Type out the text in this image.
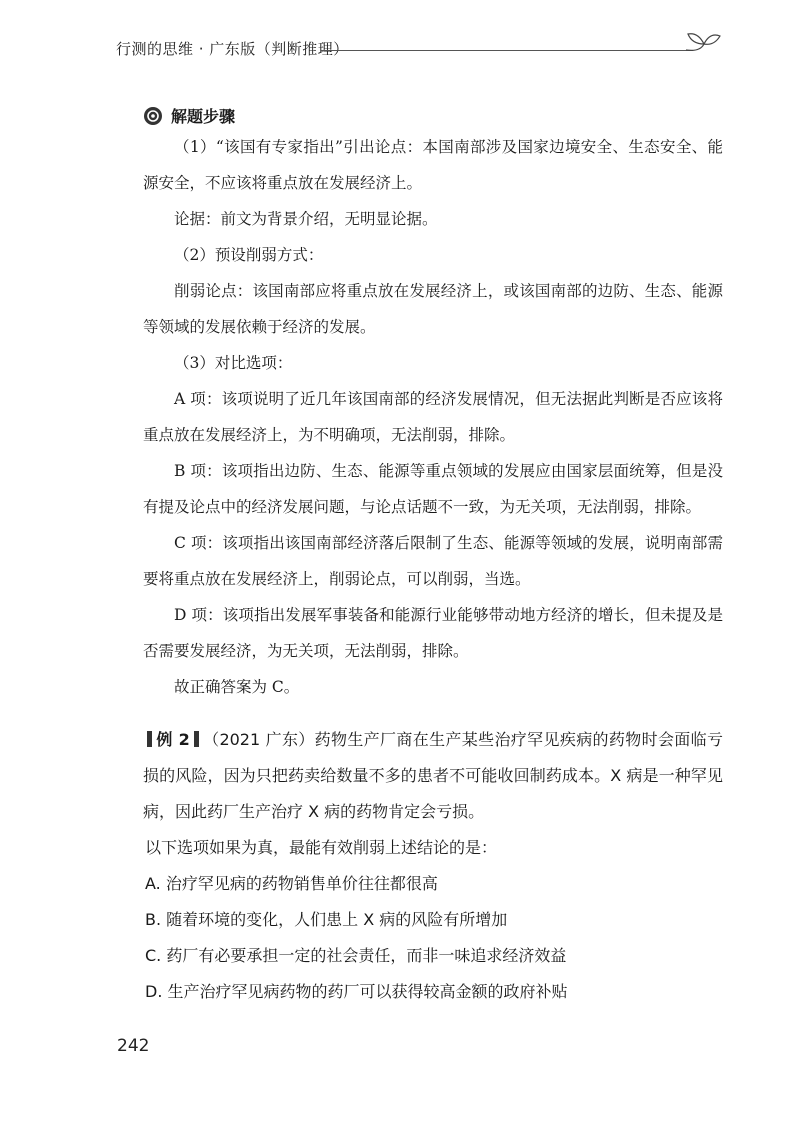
行测的思维 · 广东版（判断推理）
解题步骤

（1）“该国有专家指出”引出论点：本国南部涉及国家边境安全、生态安全、能源安全，不应该将重点放在发展经济上。

论据：前文为背景介绍，无明显论据。

（2）预设削弱方式：

削弱论点：该国南部应将重点放在发展经济上，或该国南部的边防、生态、能源等领域的发展依赖于经济的发展。

（3）对比选项：

A 项：该项说明了近几年该国南部的经济发展情况，但无法据此判断是否应该将重点放在发展经济上，为不明确项，无法削弱，排除。

B 项：该项指出边防、生态、能源等重点领域的发展应由国家层面统筹，但是没有提及论点中的经济发展问题，与论点话题不一致，为无关项，无法削弱，排除。

C 项：该项指出该国南部经济落后限制了生态、能源等领域的发展，说明南部需要将重点放在发展经济上，削弱论点，可以削弱，当选。

D 项：该项指出发展军事装备和能源行业能够带动地方经济的增长，但未提及是否需要发展经济，为无关项，无法削弱，排除。

故正确答案为 C。

例 2 （2021 广东）药物生产厂商在生产某些治疗罕见疾病的药物时会面临亏损的风险，因为只把药卖给数量不多的患者不可能收回制药成本。X 病是一种罕见病，因此药厂生产治疗 X 病的药物肯定会亏损。

以下选项如果为真，最能有效削弱上述结论的是：

A. 治疗罕见病的药物销售单价往往都很高

B. 随着环境的变化，人们患上 X 病的风险有所增加

C. 药厂有必要承担一定的社会责任，而非一味追求经济效益

D. 生产治疗罕见病药物的药厂可以获得较高金额的政府补贴

242
